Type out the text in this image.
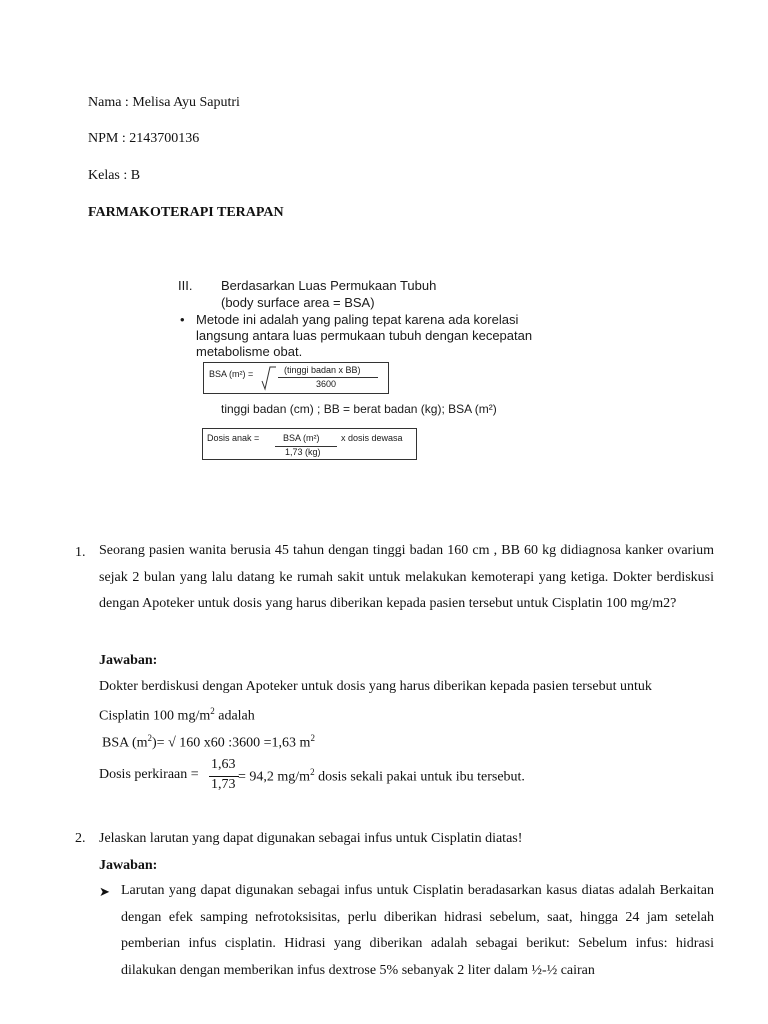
Nama : Melisa Ayu Saputri
NPM : 2143700136
Kelas : B
FARMAKOTERAPI TERAPAN
III. Berdasarkan Luas Permukaan Tubuh
(body surface area = BSA)
• Metode ini adalah yang paling tepat karena ada korelasi
langsung antara luas permukaan tubuh dengan kecepatan
metabolisme obat.
BSA (m²) =	(tinggi badan x BB)
3600
tinggi badan (cm) ; BB = berat badan (kg); BSA (m²)
Dosis anak =	BSA (m²)
1,73 (kg)
x dosis dewasa
1. Seorang pasien wanita berusia 45 tahun dengan tinggi badan 160 cm , BB 60 kg didiagnosa kanker ovarium sejak 2 bulan yang lalu datang ke rumah sakit untuk melakukan kemoterapi yang ketiga. Dokter berdiskusi dengan Apoteker untuk dosis yang harus diberikan kepada pasien tersebut untuk Cisplatin 100 mg/m2?
Jawaban:
Dokter berdiskusi dengan Apoteker untuk dosis yang harus diberikan kepada pasien tersebut untuk
Cisplatin 100 $mg/m^2$ adalah
BSA $(m^2)=$ √ 160 x60 :3600 =1,63 $m^2$
Dosis perkiraan =
1,63
1,73 = 94,2 $mg/m^2$ dosis sekali pakai untuk ibu tersebut.
2. Jelaskan larutan yang dapat digunakan sebagai infus untuk Cisplatin diatas!
Jawaban:
➤ Larutan yang dapat digunakan sebagai infus untuk Cisplatin beradasarkan kasus diatas adalah Berkaitan dengan efek samping nefrotoksisitas, perlu diberikan hidrasi sebelum, saat, hingga 24 jam setelah pemberian infus cisplatin. Hidrasi yang diberikan adalah sebagai berikut: Sebelum infus: hidrasi dilakukan dengan memberikan infus dextrose 5% sebanyak 2 liter dalam ½-½ cairan
